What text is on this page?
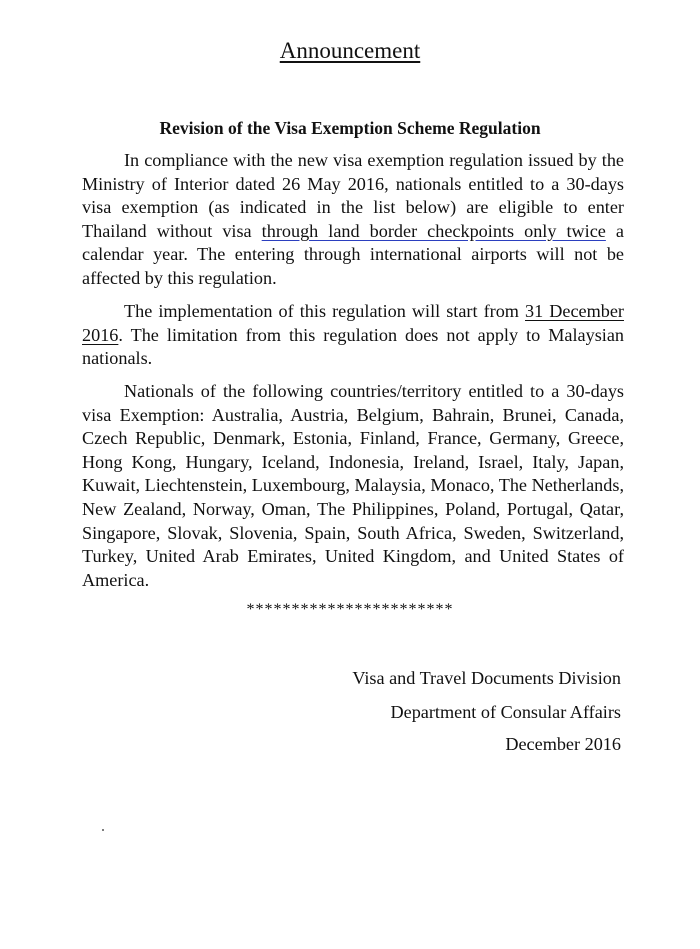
Announcement
Revision of the Visa Exemption Scheme Regulation
In compliance with the new visa exemption regulation issued by the Ministry of Interior dated 26 May 2016, nationals entitled to a 30-days visa exemption (as indicated in the list below) are eligible to enter Thailand without visa through land border checkpoints only twice a calendar year. The entering through international airports will not be affected by this regulation.
The implementation of this regulation will start from 31 December 2016. The limitation from this regulation does not apply to Malaysian nationals.
Nationals of the following countries/territory entitled to a 30-days visa Exemption: Australia, Austria, Belgium, Bahrain, Brunei, Canada, Czech Republic, Denmark, Estonia, Finland, France, Germany, Greece, Hong Kong, Hungary, Iceland, Indonesia, Ireland, Israel, Italy, Japan, Kuwait, Liechtenstein, Luxembourg, Malaysia, Monaco, The Netherlands, New Zealand, Norway, Oman, The Philippines, Poland, Portugal, Qatar, Singapore, Slovak, Slovenia, Spain, South Africa, Sweden, Switzerland, Turkey, United Arab Emirates, United Kingdom, and United States of America.
***********************
Visa and Travel Documents Division
Department of Consular Affairs
December 2016
